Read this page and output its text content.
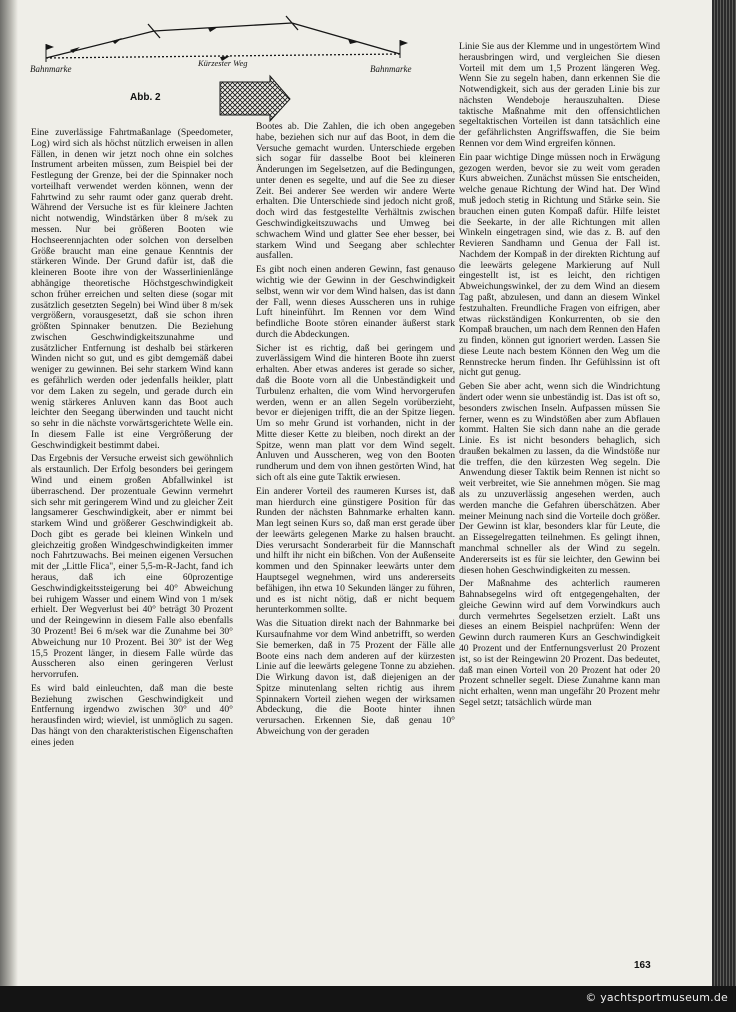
Bahnmarke	Bahnmarke
Kürzester Weg
Abb. 2

Eine zuverlässige Fahrtmaßanlage (Speedometer, Log) wird sich als höchst nützlich erweisen in allen Fällen, in denen wir jetzt noch ohne ein solches Instrument arbeiten müssen, zum Beispiel bei der Festlegung der Grenze, bei der die Spinnaker noch vorteilhaft verwendet werden können, wenn der Fahrtwind zu sehr raumt oder ganz querab dreht. Während der Versuche ist es für kleinere Jachten nicht notwendig, Windstärken über 8 m/sek zu messen. Nur bei größeren Booten wie Hochseerennjachten oder solchen von derselben Größe braucht man eine genaue Kenntnis der stärkeren Winde. Der Grund dafür ist, daß die kleineren Boote ihre von der Wasserlinienlänge abhängige theoretische Höchstgeschwindigkeit schon früher erreichen und selten diese (sogar mit zusätzlich gesetzten Segeln) bei Wind über 8 m/sek vergrößern, vorausgesetzt, daß sie schon ihren größten Spinnaker benutzen. Die Beziehung zwischen Geschwindigkeitszunahme und zusätzlicher Entfernung ist deshalb bei stärkeren Winden nicht so gut, und es gibt demgemäß dabei weniger zu gewinnen. Bei sehr starkem Wind kann es gefährlich werden oder jedenfalls heikler, platt vor dem Laken zu segeln, und gerade durch ein wenig stärkeres Anluven kann das Boot auch leichter den Seegang überwinden und taucht nicht so sehr in die nächste vorwärtsgerichtete Welle ein. In diesem Falle ist eine Vergrößerung der Geschwindigkeit bestimmt dabei.

Das Ergebnis der Versuche erweist sich gewöhnlich als erstaunlich. Der Erfolg besonders bei geringem Wind und einem großen Abfallwinkel ist überraschend. Der prozentuale Gewinn vermehrt sich sehr mit geringerem Wind und zu gleicher Zeit langsamerer Geschwindigkeit, aber er nimmt bei starkem Wind und größerer Geschwindigkeit ab. Doch gibt es gerade bei kleinen Winkeln und gleichzeitig großen Windgeschwindigkeiten immer noch Fahrtzuwachs. Bei meinen eigenen Versuchen mit der „Little Flica", einer 5,5-m-R-Jacht, fand ich heraus, daß ich eine 60prozentige Geschwindigkeitssteigerung bei 40° Abweichung bei ruhigem Wasser und einem Wind von 1 m/sek erhielt. Der Wegverlust bei 40° beträgt 30 Prozent und der Reingewinn in diesem Falle also ebenfalls 30 Prozent! Bei 6 m/sek war die Zunahme bei 30° Abweichung nur 10 Prozent. Bei 30° ist der Weg 15,5 Prozent länger, in diesem Falle würde das Ausscheren also einen geringeren Verlust hervorrufen.

Es wird bald einleuchten, daß man die beste Beziehung zwischen Geschwindigkeit und Entfernung irgendwo zwischen 30° und 40° herausfinden wird; wieviel, ist unmöglich zu sagen. Das hängt von den charakteristischen Eigenschaften eines jeden

Bootes ab. Die Zahlen, die ich oben angegeben habe, beziehen sich nur auf das Boot, in dem die Versuche gemacht wurden. Unterschiede ergeben sich sogar für dasselbe Boot bei kleineren Änderungen im Segelsetzen, auf die Bedingungen, unter denen es segelte, und auf die See zu dieser Zeit. Bei anderer See werden wir andere Werte erhalten. Die Unterschiede sind jedoch nicht groß, doch wird das festgestellte Verhältnis zwischen Geschwindigkeitszuwachs und Umweg bei schwachem Wind und glatter See eher besser, bei starkem Wind und Seegang aber schlechter ausfallen.

Es gibt noch einen anderen Gewinn, fast genauso wichtig wie der Gewinn in der Geschwindigkeit selbst, wenn wir vor dem Wind halsen, das ist dann der Fall, wenn dieses Ausscheren uns in ruhige Luft hineinführt. Im Rennen vor dem Wind befindliche Boote stören einander äußerst stark durch die Abdeckungen.

Sicher ist es richtig, daß bei geringem und zuverlässigem Wind die hinteren Boote ihn zuerst erhalten. Aber etwas anderes ist gerade so sicher, daß die Boote vorn all die Unbeständigkeit und Turbulenz erhalten, die vom Wind hervorgerufen werden, wenn er an allen Segeln vorüberzieht, bevor er diejenigen trifft, die an der Spitze liegen. Um so mehr Grund ist vorhanden, nicht in der Mitte dieser Kette zu bleiben, noch direkt an der Spitze, wenn man platt vor dem Wind segelt. Anluven und Ausscheren, weg von den Booten rundherum und dem von ihnen gestörten Wind, hat sich oft als eine gute Taktik erwiesen.

Ein anderer Vorteil des raumeren Kurses ist, daß man hierdurch eine günstigere Position für das Runden der nächsten Bahnmarke erhalten kann. Man legt seinen Kurs so, daß man erst gerade über der leewärts gelegenen Marke zu halsen braucht. Dies verursacht Sonderarbeit für die Mannschaft und hilft ihr nicht ein bißchen. Von der Außenseite kommen und den Spinnaker leewärts unter dem Hauptsegel wegnehmen, wird uns andererseits befähigen, ihn etwa 10 Sekunden länger zu führen, und es ist nicht nötig, daß er nicht bequem herunterkommen sollte.

Was die Situation direkt nach der Bahnmarke bei Kursaufnahme vor dem Wind anbetrifft, so werden Sie bemerken, daß in 75 Prozent der Fälle alle Boote eins nach dem anderen auf der kürzesten Linie auf die leewärts gelegene Tonne zu abziehen. Die Wirkung davon ist, daß diejenigen an der Spitze minutenlang selten richtig aus ihrem Spinnakern Vorteil ziehen wegen der wirksamen Abdeckung, die die Boote hinter ihnen verursachen. Erkennen Sie, daß genau 10° Abweichung von der geraden

Linie Sie aus der Klemme und in ungestörtem Wind herausbringen wird, und vergleichen Sie diesen Vorteil mit dem um 1,5 Prozent längeren Weg. Wenn Sie zu segeln haben, dann erkennen Sie die Notwendigkeit, sich aus der geraden Linie bis zur nächsten Wendeboje herauszuhalten. Diese taktische Maßnahme mit den offensichtlichen segeltaktischen Vorteilen ist dann tatsächlich eine der gefährlichsten Angriffswaffen, die Sie beim Rennen vor dem Wind ergreifen können.

Ein paar wichtige Dinge müssen noch in Erwägung gezogen werden, bevor sie zu weit vom geraden Kurs abweichen. Zunächst müssen Sie entscheiden, welche genaue Richtung der Wind hat. Der Wind muß jedoch stetig in Richtung und Stärke sein. Sie brauchen einen guten Kompaß dafür. Hilfe leistet die Seekarte, in der alle Richtungen mit allen Winkeln eingetragen sind, wie das z. B. auf den Revieren Sandhamn und Genua der Fall ist. Nachdem der Kompaß in der direkten Richtung auf die leewärts gelegene Markierung auf Null eingestellt ist, ist es leicht, den richtigen Abweichungswinkel, der zu dem Wind an diesem Tag paßt, abzulesen, und dann an diesem Winkel festzuhalten. Freundliche Fragen von eifrigen, aber etwas rückständigen Konkurrenten, ob sie den Kompaß brauchen, um nach dem Rennen den Hafen zu finden, können gut ignoriert werden. Lassen Sie diese Leute nach bestem Können den Weg um die Rennstrecke herum finden. Ihr Gefühlssinn ist oft nicht gut genug.

Geben Sie aber acht, wenn sich die Windrichtung ändert oder wenn sie unbeständig ist. Das ist oft so, besonders zwischen Inseln. Aufpassen müssen Sie ferner, wenn es zu Windstößen aber zum Abflauen kommt. Halten Sie sich dann nahe an die gerade Linie. Es ist nicht besonders behaglich, sich draußen bekalmen zu lassen, da die Windstöße nur die treffen, die den kürzesten Weg segeln. Die Anwendung dieser Taktik beim Rennen ist nicht so weit verbreitet, wie Sie annehmen mögen. Sie mag als zu unzuverlässig angesehen werden, auch werden manche die Gefahren überschätzen. Aber meiner Meinung nach sind die Vorteile doch größer. Der Gewinn ist klar, besonders klar für Leute, die an Eissegelregatten teilnehmen. Es gelingt ihnen, manchmal schneller als der Wind zu segeln. Andererseits ist es für sie leichter, den Gewinn bei diesen hohen Geschwindigkeiten zu messen.

Der Maßnahme des achterlich raumeren Bahnabsegelns wird oft entgegengehalten, der gleiche Gewinn wird auf dem Vorwindkurs auch durch vermehrtes Segelsetzen erzielt. Laßt uns dieses an einem Beispiel nachprüfen: Wenn der Gewinn durch raumeren Kurs an Geschwindigkeit 40 Prozent und der Entfernungsverlust 20 Prozent ist, so ist der Reingewinn 20 Prozent. Das bedeutet, daß man einen Vorteil von 20 Prozent hat oder 20 Prozent schneller segelt. Diese Zunahme kann man nicht erhalten, wenn man ungefähr 20 Prozent mehr Segel setzt; tatsächlich würde man

163
© yachtsportmuseum.de
